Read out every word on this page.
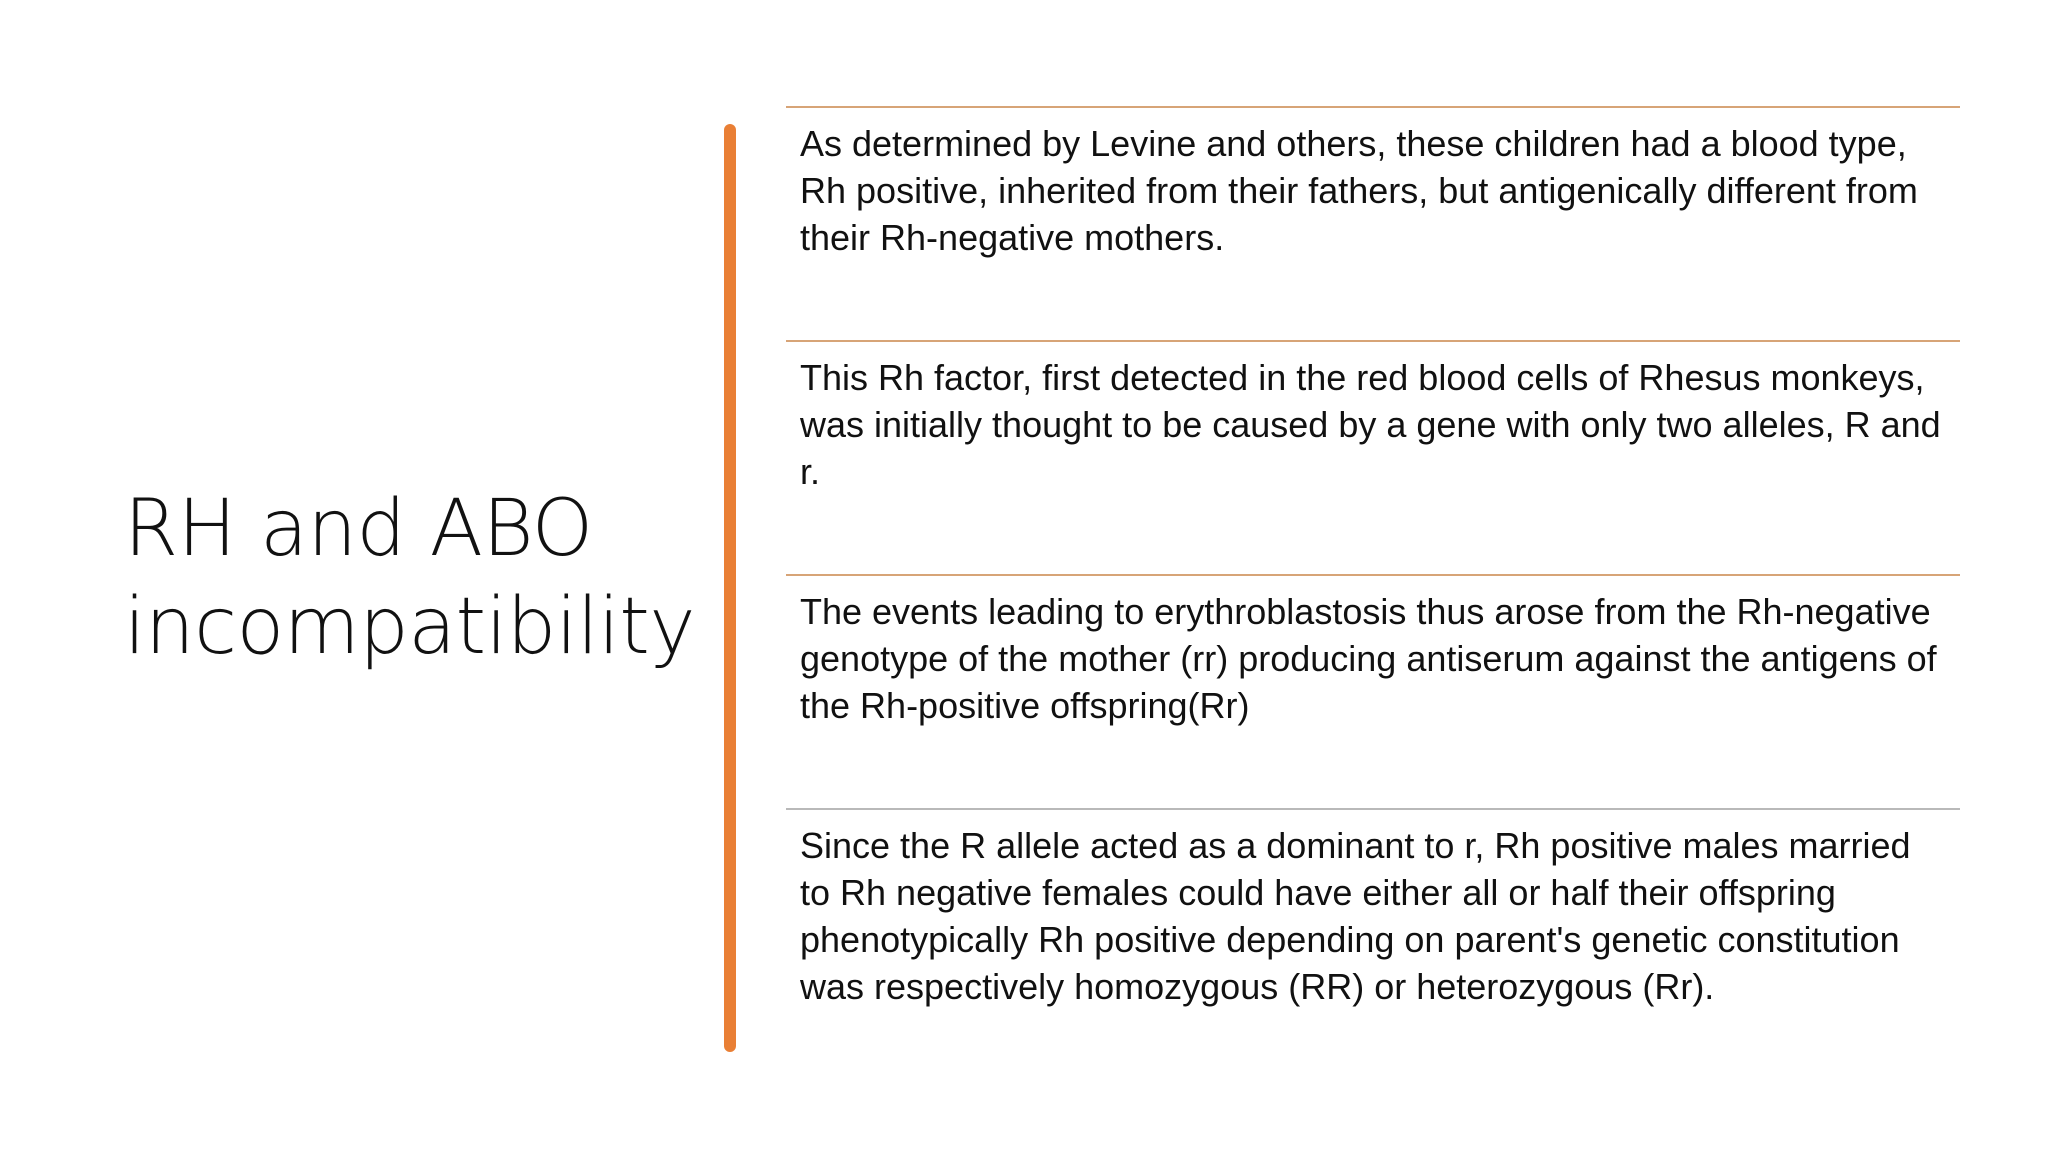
RH and ABO
incompatibility

As determined by Levine and others, these children had a blood type, Rh positive, inherited from their fathers, but antigenically different from their Rh-negative mothers.

This Rh factor, first detected in the red blood cells of Rhesus monkeys, was initially thought to be caused by a gene with only two alleles, R and r.

The events leading to erythroblastosis thus arose from the Rh-negative genotype of the mother (rr) producing antiserum against the antigens of the Rh-positive offspring(Rr)

Since the R allele acted as a dominant to r, Rh positive males married to Rh negative females could have either all or half their offspring phenotypically Rh positive depending on parent's genetic constitution was respectively homozygous (RR) or heterozygous (Rr).
